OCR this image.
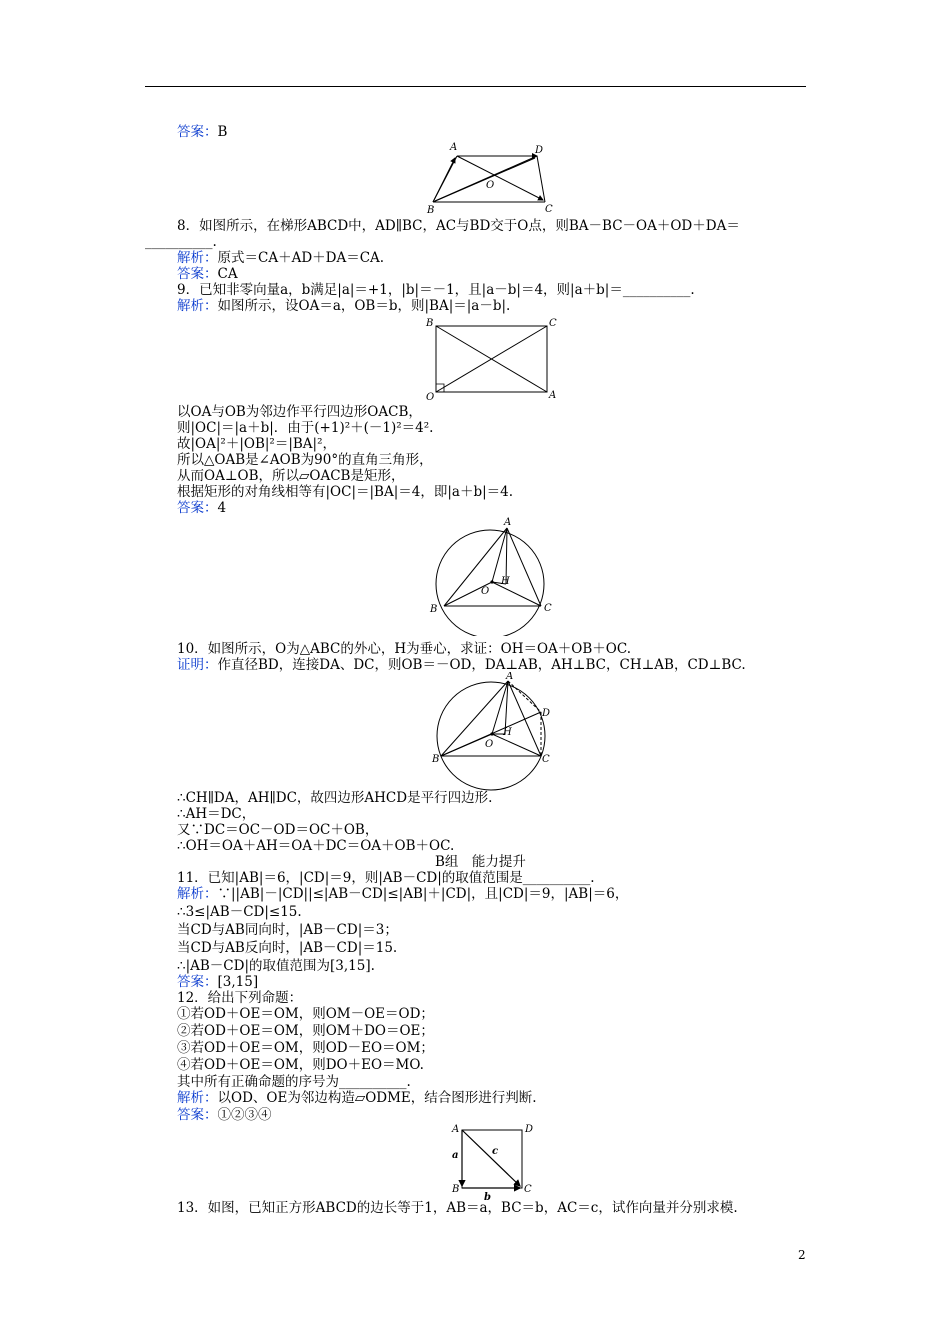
答案：B
A	D
O
B	C
8．如图所示，在梯形ABCD中，AD∥BC，AC与BD交于O点，则BA－BC－OA＋OD＋DA＝
__________.
解析：原式＝CA＋AD＋DA＝CA.
答案：CA
9．已知非零向量a，b满足|a|＝+1，|b|＝－1，且|a－b|＝4，则|a＋b|＝__________.
解析：如图所示，设OA＝a，OB＝b，则|BA|＝|a－b|.
B	C
O	A
以OA与OB为邻边作平行四边形OACB，
则|OC|＝|a＋b|．由于(+1)²＋(－1)²＝4².
故|OA|²＋|OB|²＝|BA|²，
所以△OAB是∠AOB为90°的直角三角形，
从而OA⊥OB，所以▱OACB是矩形，
根据矩形的对角线相等有|OC|＝|BA|＝4，即|a＋b|＝4.
答案：4
A
H
O
B	C
10．如图所示，O为△ABC的外心，H为垂心，求证：OH＝OA＋OB＋OC.
证明：作直径BD，连接DA、DC，则OB＝－OD，DA⊥AB，AH⊥BC，CH⊥AB，CD⊥BC.
A
D
H
O
B	C
∴CH∥DA，AH∥DC，故四边形AHCD是平行四边形.
∴AH＝DC，
又∵DC＝OC－OD＝OC＋OB，
∴OH＝OA＋AH＝OA＋DC＝OA＋OB＋OC.
B组　能力提升
11．已知|AB|＝6，|CD|＝9，则|AB－CD|的取值范围是__________.
解析：∵||AB|－|CD||≤|AB－CD|≤|AB|＋|CD|，且|CD|＝9，|AB|＝6，
∴3≤|AB－CD|≤15.
当CD与AB同向时，|AB－CD|＝3；
当CD与AB反向时，|AB－CD|＝15.
∴|AB－CD|的取值范围为[3,15].
答案：[3,15]
12．给出下列命题：
①若OD＋OE＝OM，则OM－OE＝OD；
②若OD＋OE＝OM，则OM＋DO＝OE；
③若OD＋OE＝OM，则OD－EO＝OM；
④若OD＋OE＝OM，则DO＋EO＝MO.
其中所有正确命题的序号为__________.
解析：以OD、OE为邻边构造▱ODME，结合图形进行判断.
答案：①②③④
A	D
c
a
B	C
b
13．如图，已知正方形ABCD的边长等于1，AB＝a，BC＝b，AC＝c，试作向量并分别求模.
2
